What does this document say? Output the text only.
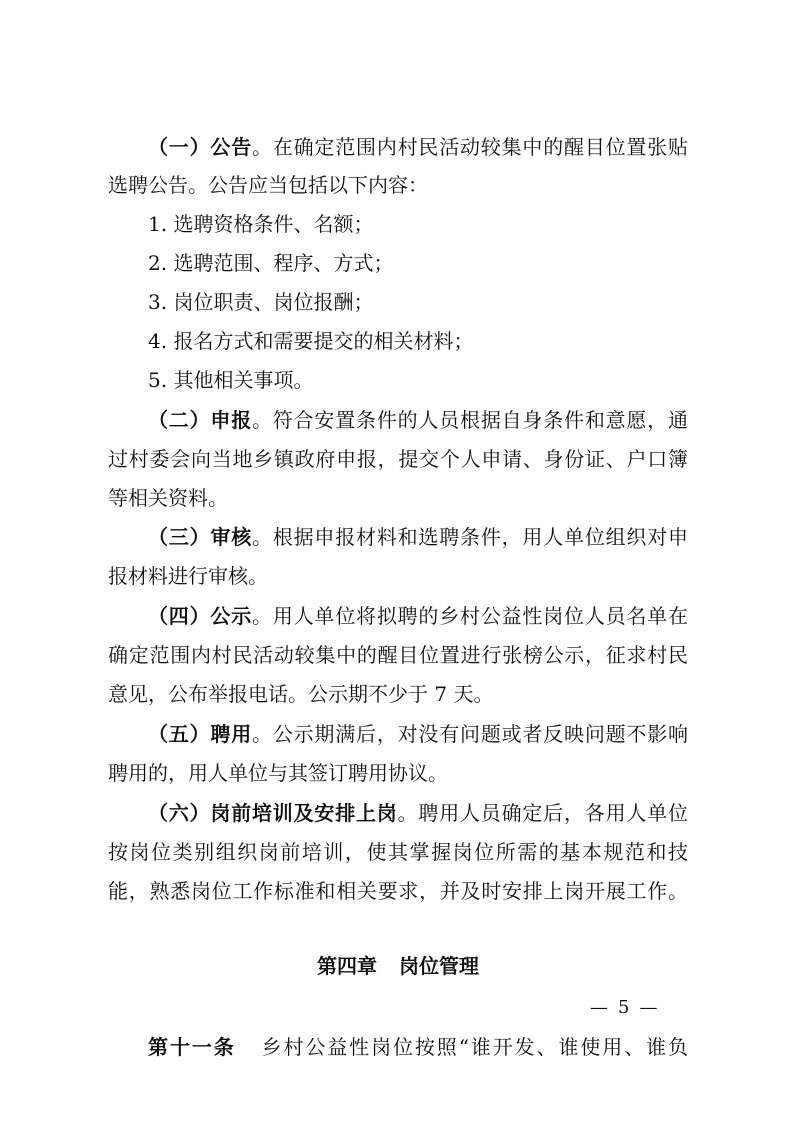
（一）公告。在确定范围内村民活动较集中的醒目位置张贴
选聘公告。公告应当包括以下内容：
1. 选聘资格条件、名额；
2. 选聘范围、程序、方式；
3. 岗位职责、岗位报酬；
4. 报名方式和需要提交的相关材料；
5. 其他相关事项。
（二）申报。符合安置条件的人员根据自身条件和意愿，通
过村委会向当地乡镇政府申报，提交个人申请、身份证、户口簿
等相关资料。
（三）审核。根据申报材料和选聘条件，用人单位组织对申
报材料进行审核。
（四）公示。用人单位将拟聘的乡村公益性岗位人员名单在
确定范围内村民活动较集中的醒目位置进行张榜公示，征求村民
意见，公布举报电话。公示期不少于 7 天。
（五）聘用。公示期满后，对没有问题或者反映问题不影响
聘用的，用人单位与其签订聘用协议。
（六）岗前培训及安排上岗。聘用人员确定后，各用人单位
按岗位类别组织岗前培训，使其掌握岗位所需的基本规范和技
能，熟悉岗位工作标准和相关要求，并及时安排上岗开展工作。
第四章 岗位管理
第十一条 乡村公益性岗位按照“谁开发、谁使用、谁负
— 5 —
